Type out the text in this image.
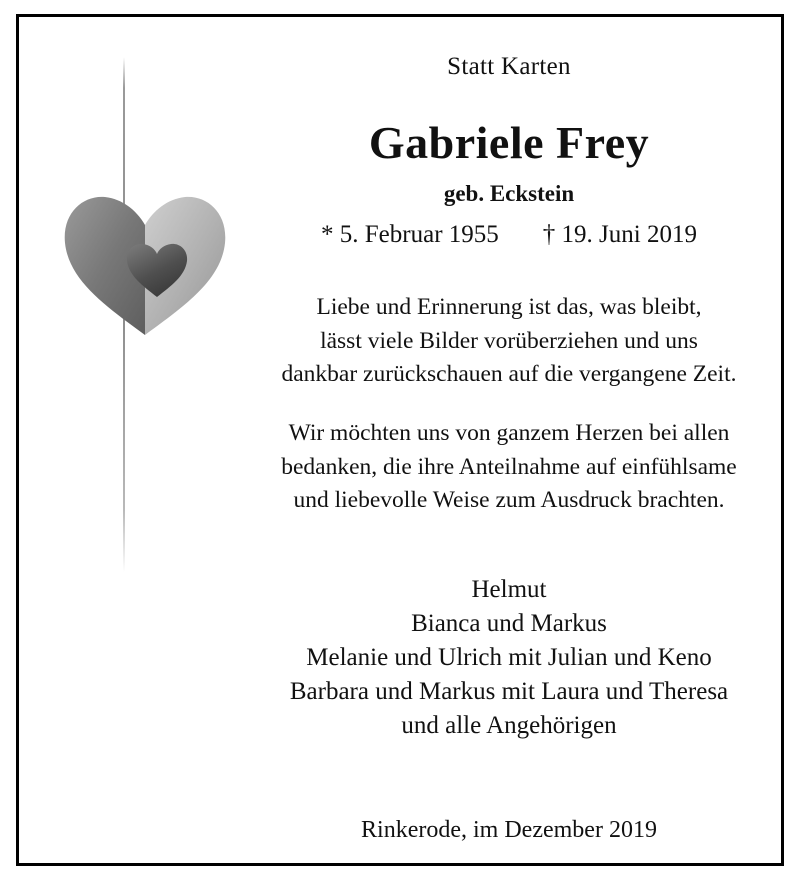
Statt Karten
Gabriele Frey
geb. Eckstein
* 5. Februar 1955 † 19. Juni 2019
Liebe und Erinnerung ist das, was bleibt,
lässt viele Bilder vorüberziehen und uns
dankbar zurückschauen auf die vergangene Zeit.
Wir möchten uns von ganzem Herzen bei allen
bedanken, die ihre Anteilnahme auf einfühlsame
und liebevolle Weise zum Ausdruck brachten.
Helmut
Bianca und Markus
Melanie und Ulrich mit Julian und Keno
Barbara und Markus mit Laura und Theresa
und alle Angehörigen
Rinkerode, im Dezember 2019
